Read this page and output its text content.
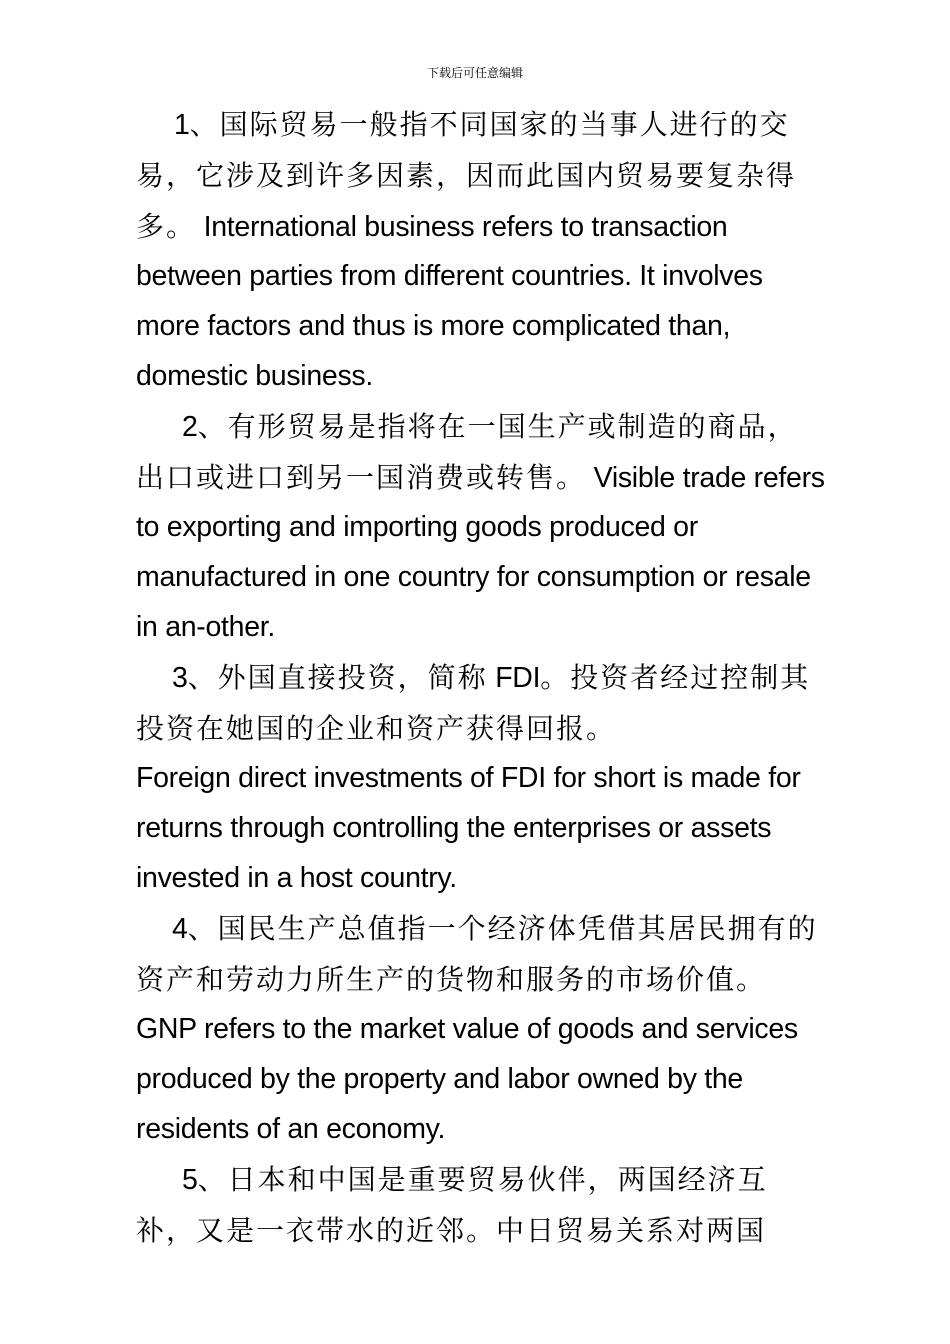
下载后可任意编辑

1、国际贸易一般指不同国家的当事人进行的交易，它涉及到许多因素，因而此国内贸易要复杂得多。 International business refers to transaction between parties from different countries. It involves more factors and thus is more complicated than, domestic business.

2、有形贸易是指将在一国生产或制造的商品，出口或进口到另一国消费或转售。 Visible trade refers to exporting and importing goods produced or manufactured in one country for consumption or resale in an-other.

3、外国直接投资，简称 FDI。投资者经过控制其投资在她国的企业和资产获得回报。
Foreign direct investments of FDI for short is made for returns through controlling the enterprises or assets invested in a host country.

4、国民生产总值指一个经济体凭借其居民拥有的资产和劳动力所生产的货物和服务的市场价值。 GNP refers to the market value of goods and services produced by the property and labor owned by the residents of an economy.

5、日本和中国是重要贸易伙伴，两国经济互补，又是一衣带水的近邻。中日贸易关系对两国
